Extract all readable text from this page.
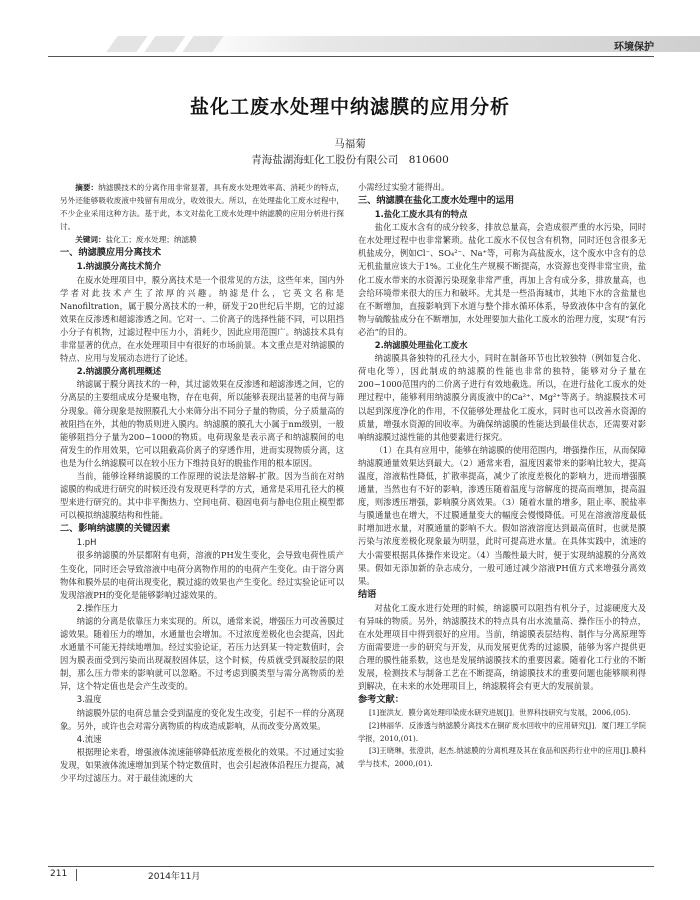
环境保护
盐化工废水处理中纳滤膜的应用分析
马福菊
青海盐湖海虹化工股份有限公司　810600

摘要：纳滤膜技术的分离作用非常显著，具有废水处理效率高、消耗少的特点，另外还能够吸收废液中残留有用成分，收效很大。所以，在处理盐化工废水过程中，不少企业采用这种方法。基于此，本文对盐化工废水处理中纳滤膜的应用分析进行探讨。

关键词：盐化工；废水处理；纳滤膜
一、纳滤膜应用分离技术
1.纳滤膜分离技术简介

在废水处理项目中，膜分离技术是一个很常见的方法，这些年来，国内外学者对此技术产生了浓厚的兴趣。纳滤是什么，它英文名称是Nanofiltration，属于膜分离技术的一种，研发于20世纪后半期，它的过滤效果在反渗透和超滤渗透之间。它对一、二价离子的选择性能不同，可以阻挡小分子有机物，过滤过程中压力小，消耗少，因此应用范围广。纳滤技术具有非常显著的优点，在水处理项目中有很好的市场前景。本文重点是对纳滤膜的特点、应用与发展动态进行了论述。

2.纳滤膜分离机理概述

纳滤属于膜分离技术的一种，其过滤效果在反渗透和超滤渗透之间，它的分离层的主要组成成分是聚电物，存在电荷，所以能够表现出显著的电荷与筛分现象。筛分现象是按照膜孔大小来筛分出不同分子量的物质，分子质量高的被阻挡在外，其他的物质则进入膜内。纳滤膜的膜孔大小属于nm级别，一般能够阻挡分子量为200~1000的物质。电荷现象是表示离子和纳滤膜间的电荷发生的作用效果，它可以阻截高价离子的穿透作用，进而实现物质分离，这也是为什么纳滤膜可以在较小压力下维持良好的脱盐作用的根本原因。

当前，能够诠释纳滤膜的工作原理的说法是溶解-扩散。因为当前在对纳滤膜的构成进行研究的时候还没有发现更科学的方式，通常是采用孔径大的模型来进行研究的。其中非平衡热力、空间电荷、稳固电荷与静电位阻止模型都可以模拟纳滤膜结构和性能。

二、影响纳滤膜的关键因素
1.pH

很多纳滤膜的外层都附有电荷，溶液的PH发生变化，会导致电荷性质产生变化，同时还会导致溶液中电荷分离物作用的的电荷产生变化。由于溶分离物体和膜外层的电荷出现变化，膜过滤的效果也产生变化。经过实验论证可以发现溶液PH的变化是能够影响过滤效果的。

2.操作压力

纳滤的分离是依靠压力来实现的。所以，通常来说，增强压力可改善膜过滤效果。随着压力的增加，水通量也会增加。不过浓度差极化也会提高，因此水通量不可能无持续地增加。经过实验论证，若压力达到某一特定数值时，会因为膜表面受到污染而出现凝胶固体层，这个时候，传质就受到凝胶层的限制，那么压力带来的影响就可以忽略。不过考虑到膜类型与需分离物质的差异，这个特定值也是会产生改变的。

3.温度

纳滤膜外层的电荷总量会受到温度的变化发生改变，引起不一样的分离现象。另外，或许也会对需分离物质的构成造成影响，从而改变分离效果。

4.流速

根据理论来看，增强液体流速能够降低浓度差极化的效果。不过通过实验发现，如果液体流速增加到某个特定数值时，也会引起液体沿程压力提高，减少平均过滤压力。对于最佳流速的大

小需经过实验才能得出。

三、纳滤膜在盐化工废水处理中的运用
1.盐化工废水具有的特点

盐化工废水含有的成分较多，排放总量高，会造成很严重的水污染，同时在水处理过程中也非常繁琐。盐化工废水不仅包含有机物，同时还包含很多无机盐成分，例如Cl⁻、SO₄²⁻、Na⁺等，可称为高盐废水，这个废水中含有的总无机盐量应该大于1%。工业化生产规模不断提高，水资源也变得非常宝贵，盐化工废水带来的水资源污染现象非常严重，再加上含有成分多，排放量高，也会给环境带来很大的压力和破坏。尤其是一些沿海城市，其地下水的含盐量也在不断增加，直接影响到下水道与整个排水循环体系，导致液体中含有的氯化物与硫酸盐成分在不断增加，水处理要加大盐化工废水的治理力度，实现“有污必治”的目的。

2.纳滤膜处理盐化工废水

纳滤膜具备独特的孔径大小，同时在制备环节也比较独特（例如复合化、荷电化等），因此制成的纳滤膜的性能也非常的独特，能够对分子量在200~1000范围内的二价离子进行有效地截选。所以，在进行盐化工废水的处理过程中，能够利用纳滤膜分离废液中的Ca²⁺、Mg²⁺等离子。纳滤膜技术可以起到深度净化的作用，不仅能够处理盐化工废水，同时也可以改善水资源的质量，增强水资源的回收率。为确保纳滤膜的性能达到最佳状态，还需要对影响纳滤膜过滤性能的其他要素进行探究。

（1）在具有应用中，能够在纳滤膜的使用范围内，增强操作压，从而保障纳滤膜通量效果达到最大。（2）通常来看，温度因素带来的影响比较大，提高温度，溶液粘性降低，扩散率提高，减少了浓度差极化的影响力，进而增强膜通量，当然也有不好的影响，渗透压随着温度与溶解度的提高而增加，提高温度，则渗透压增强，影响膜分离效果。（3）随着水量的增多，阻止率、脱盐率与膜通量也在增大，不过膜通量变大的幅度会慢慢降低。可见在溶液溶度最低时增加进水量，对膜通量的影响不大。假如溶液溶度达到最高值时，也就是膜污染与浓度差极化现象最为明显，此时可提高进水量。在具体实践中，流速的大小需要根据具体操作来设定。（4）当酸性最大时，便于实现纳滤膜的分离效果。假如无添加新的杂志成分，一般可通过减少溶液PH值方式来增强分离效果。

结语

对盐化工废水进行处理的时候，纳滤膜可以阻挡有机分子，过滤硬度大及有异味的物质。另外，纳滤膜技术的特点具有出水流量高、操作压小的特点，在水处理项目中得到很好的应用。当前，纳滤膜表层结构、制作与分离原理等方面需要进一步的研究与开发，从而发展更优秀的过滤膜，能够为客户提供更合理的膜性能系数，这也是发展纳滤膜技术的重要因素。随着化工行业的不断发展，检测技术与制备工艺在不断提高，纳滤膜技术的重要问题也能够顺利得到解决，在未来的水处理项目上，纳滤膜将会有更大的发展前景。

参考文献：

[1]崔洪友．膜分离处理印染废水研究进展[J]．世界科技研究与发展，2006,(05).

[2]林丽华．反渗透与纳滤膜分离技术在铜矿废水回收中的应用研究[J]．厦门理工学院学报，2010,(01).

[3]王晓琳，张澄洪，赵杰.纳滤膜的分离机理及其在食品和医药行业中的应用[J].膜科学与技术，2000,(01).

211	2014年11月
